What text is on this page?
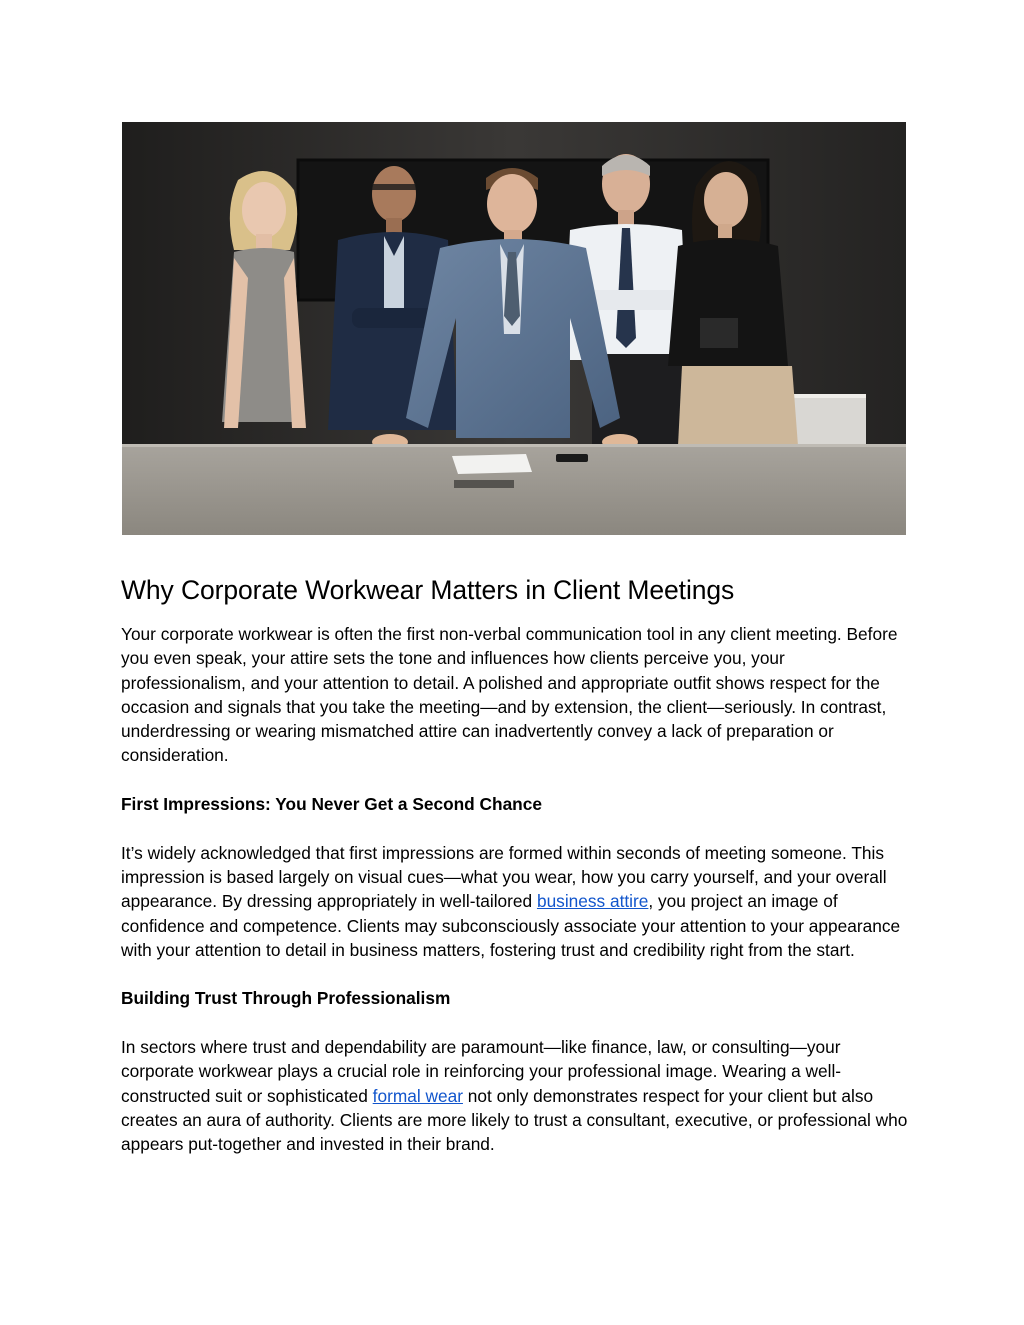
Why Corporate Workwear Matters in Client Meetings

Your corporate workwear is often the first non-verbal communication tool in any client meeting. Before you even speak, your attire sets the tone and influences how clients perceive you, your professionalism, and your attention to detail. A polished and appropriate outfit shows respect for the occasion and signals that you take the meeting—and by extension, the client—seriously. In contrast, underdressing or wearing mismatched attire can inadvertently convey a lack of preparation or consideration.

First Impressions: You Never Get a Second Chance

It’s widely acknowledged that first impressions are formed within seconds of meeting someone. This impression is based largely on visual cues—what you wear, how you carry yourself, and your overall appearance. By dressing appropriately in well-tailored business attire, you project an image of confidence and competence. Clients may subconsciously associate your attention to your appearance with your attention to detail in business matters, fostering trust and credibility right from the start.

Building Trust Through Professionalism

In sectors where trust and dependability are paramount—like finance, law, or consulting—your corporate workwear plays a crucial role in reinforcing your professional image. Wearing a well-constructed suit or sophisticated formal wear not only demonstrates respect for your client but also creates an aura of authority. Clients are more likely to trust a consultant, executive, or professional who appears put-together and invested in their brand.
